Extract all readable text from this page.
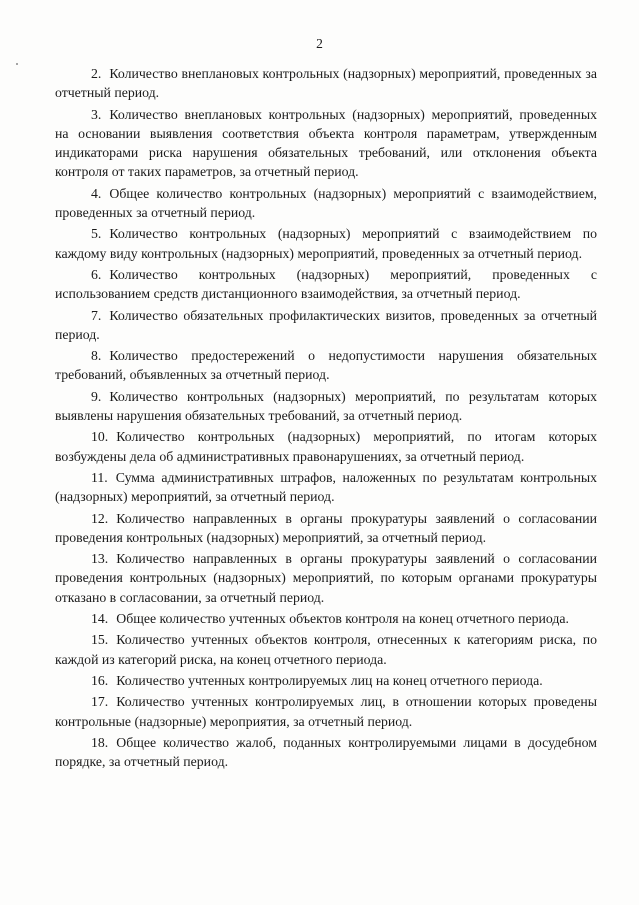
2

2. Количество внеплановых контрольных (надзорных) мероприятий, проведенных за отчетный период.

3. Количество внеплановых контрольных (надзорных) мероприятий, проведенных на основании выявления соответствия объекта контроля параметрам, утвержденным индикаторами риска нарушения обязательных требований, или отклонения объекта контроля от таких параметров, за отчетный период.

4. Общее количество контрольных (надзорных) мероприятий с взаимодействием, проведенных за отчетный период.

5. Количество контрольных (надзорных) мероприятий с взаимодействием по каждому виду контрольных (надзорных) мероприятий, проведенных за отчетный период.

6. Количество контрольных (надзорных) мероприятий, проведенных с использованием средств дистанционного взаимодействия, за отчетный период.

7. Количество обязательных профилактических визитов, проведенных за отчетный период.

8. Количество предостережений о недопустимости нарушения обязательных требований, объявленных за отчетный период.

9. Количество контрольных (надзорных) мероприятий, по результатам которых выявлены нарушения обязательных требований, за отчетный период.

10. Количество контрольных (надзорных) мероприятий, по итогам которых возбуждены дела об административных правонарушениях, за отчетный период.

11. Сумма административных штрафов, наложенных по результатам контрольных (надзорных) мероприятий, за отчетный период.

12. Количество направленных в органы прокуратуры заявлений о согласовании проведения контрольных (надзорных) мероприятий, за отчетный период.

13. Количество направленных в органы прокуратуры заявлений о согласовании проведения контрольных (надзорных) мероприятий, по которым органами прокуратуры отказано в согласовании, за отчетный период.

14. Общее количество учтенных объектов контроля на конец отчетного периода.

15. Количество учтенных объектов контроля, отнесенных к категориям риска, по каждой из категорий риска, на конец отчетного периода.

16. Количество учтенных контролируемых лиц на конец отчетного периода.

17. Количество учтенных контролируемых лиц, в отношении которых проведены контрольные (надзорные) мероприятия, за отчетный период.

18. Общее количество жалоб, поданных контролируемыми лицами в досудебном порядке, за отчетный период.
